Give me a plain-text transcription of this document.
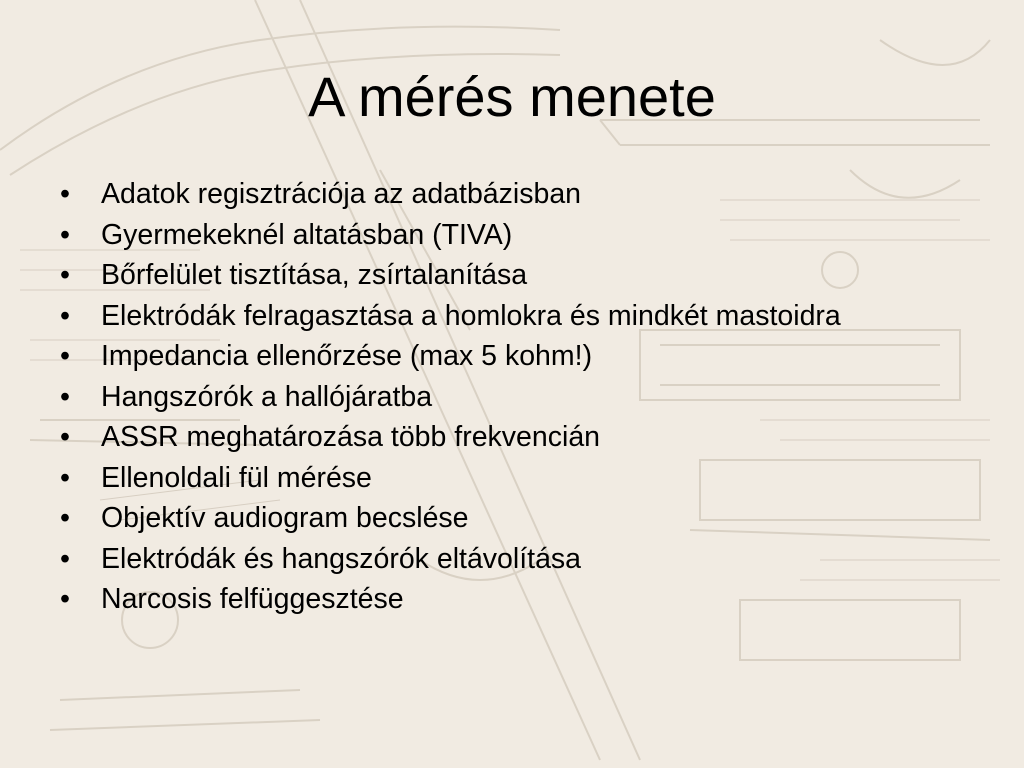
A mérés menete
•	Adatok regisztrációja az adatbázisban
•	Gyermekeknél altatásban (TIVA)
•	Bőrfelület tisztítása, zsírtalanítása
•	Elektródák felragasztása a homlokra és mindkét mastoidra
•	Impedancia ellenőrzése (max 5 kohm!)
•	Hangszórók a hallójáratba
•	ASSR meghatározása több frekvencián
•	Ellenoldali fül mérése
•	Objektív audiogram becslése
•	Elektródák és hangszórók eltávolítása
•	Narcosis felfüggesztése
